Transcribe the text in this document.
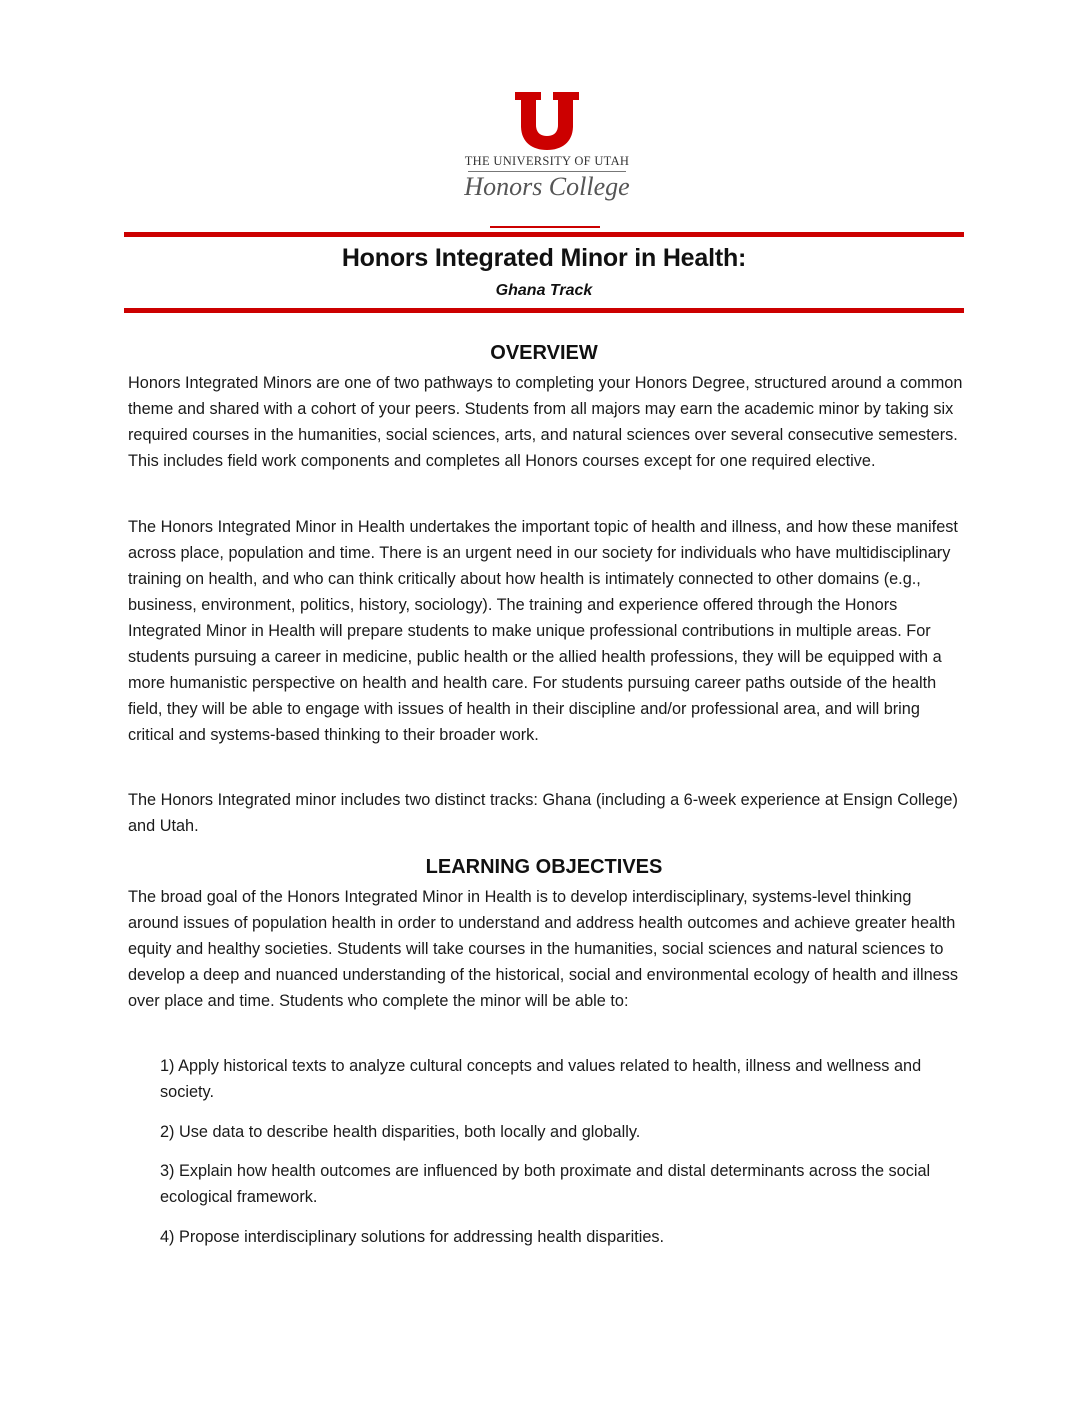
THE UNIVERSITY OF UTAH
Honors College
Honors Integrated Minor in Health:
Ghana Track
OVERVIEW

Honors Integrated Minors are one of two pathways to completing your Honors Degree, structured around a common theme and shared with a cohort of your peers. Students from all majors may earn the academic minor by taking six required courses in the humanities, social sciences, arts, and natural sciences over several consecutive semesters. This includes field work components and completes all Honors courses except for one required elective.

The Honors Integrated Minor in Health undertakes the important topic of health and illness, and how these manifest across place, population and time. There is an urgent need in our society for individuals who have multidisciplinary training on health, and who can think critically about how health is intimately connected to other domains (e.g., business, environment, politics, history, sociology). The training and experience offered through the Honors Integrated Minor in Health will prepare students to make unique professional contributions in multiple areas. For students pursuing a career in medicine, public health or the allied health professions, they will be equipped with a more humanistic perspective on health and health care. For students pursuing career paths outside of the health field, they will be able to engage with issues of health in their discipline and/or professional area, and will bring critical and systems-based thinking to their broader work.

The Honors Integrated minor includes two distinct tracks: Ghana (including a 6-week experience at Ensign College) and Utah.

LEARNING OBJECTIVES

The broad goal of the Honors Integrated Minor in Health is to develop interdisciplinary, systems-level thinking around issues of population health in order to understand and address health outcomes and achieve greater health equity and healthy societies. Students will take courses in the humanities, social sciences and natural sciences to develop a deep and nuanced understanding of the historical, social and environmental ecology of health and illness over place and time. Students who complete the minor will be able to:

1) Apply historical texts to analyze cultural concepts and values related to health, illness and wellness and society.

2) Use data to describe health disparities, both locally and globally.

3) Explain how health outcomes are influenced by both proximate and distal determinants across the social ecological framework.

4) Propose interdisciplinary solutions for addressing health disparities.
